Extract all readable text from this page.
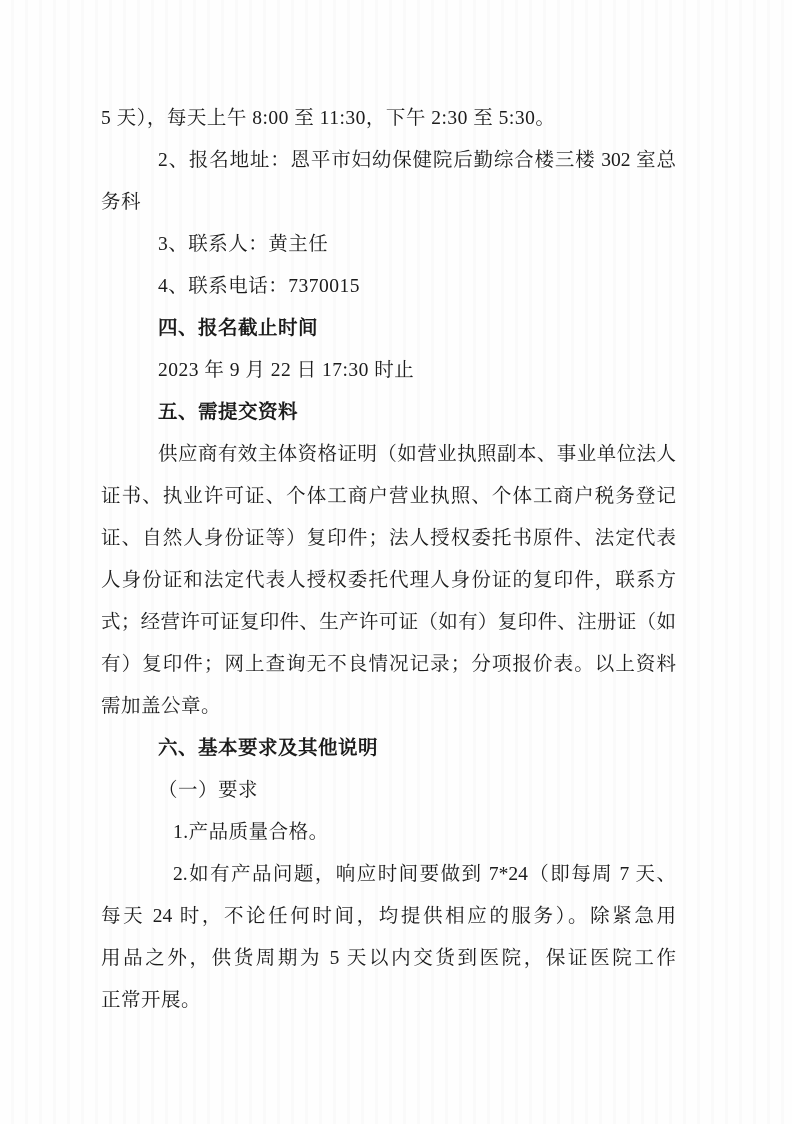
5 天），每天上午 8:00 至 11:30，下午 2:30 至 5:30。
2、报名地址：恩平市妇幼保健院后勤综合楼三楼 302 室总
务科
3、联系人：黄主任
4、联系电话：7370015
四、报名截止时间
2023 年 9 月 22 日 17:30 时止
五、需提交资料
供应商有效主体资格证明（如营业执照副本、事业单位法人
证书、执业许可证、个体工商户营业执照、个体工商户税务登记
证、自然人身份证等）复印件；法人授权委托书原件、法定代表
人身份证和法定代表人授权委托代理人身份证的复印件，联系方
式；经营许可证复印件、生产许可证（如有）复印件、注册证（如
有）复印件；网上查询无不良情况记录；分项报价表。以上资料
需加盖公章。
六、基本要求及其他说明
（一）要求
1.产品质量合格。
2.如有产品问题，响应时间要做到 7*24（即每周 7 天、
每天 24 时，不论任何时间，均提供相应的服务）。除紧急用
用品之外，供货周期为 5 天以内交货到医院，保证医院工作
正常开展。
